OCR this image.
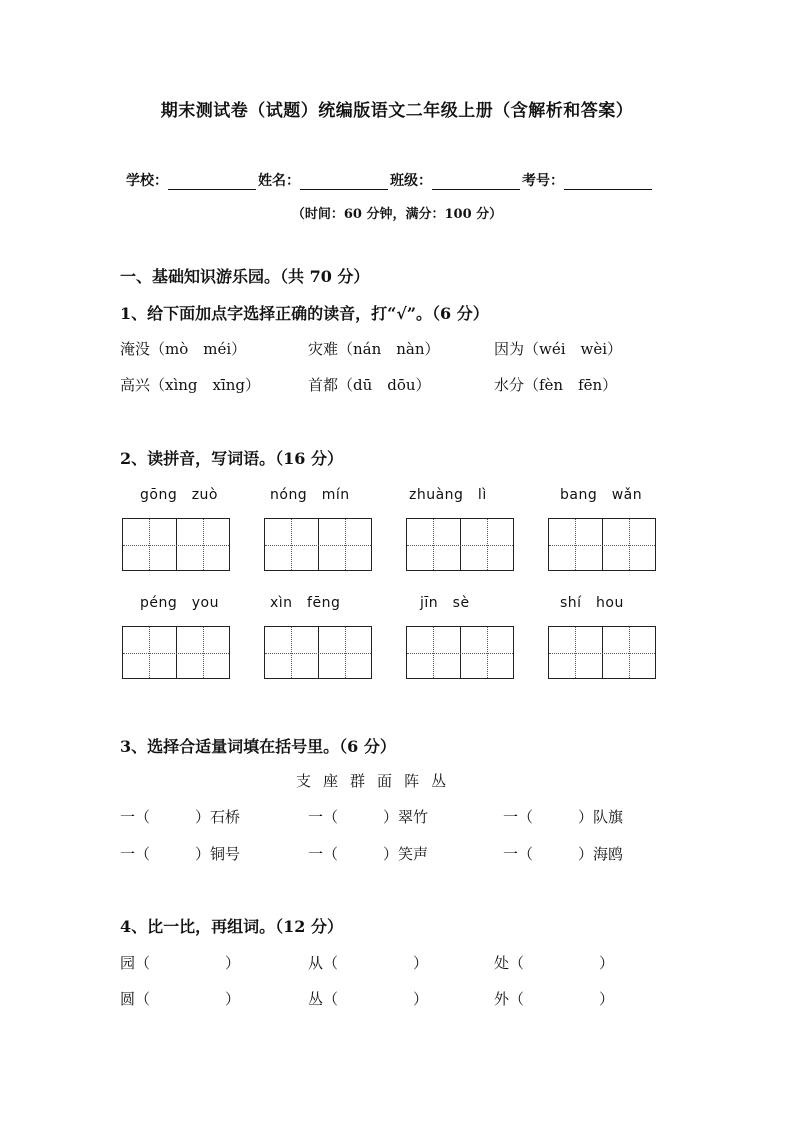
期末测试卷（试题）统编版语文二年级上册（含解析和答案）
学校：	姓名：	班级：	考号：
（时间：60 分钟，满分：100 分）
一、基础知识游乐园。（共 70 分）
1、给下面加点字选择正确的读音，打“√”。（6 分）
淹没（mò　méi）	灾难（nán　nàn）	因为（wéi　wèi）
高兴（xìng　xīng）	首都（dū　dōu）	水分（fèn　fēn）
2、读拼音，写词语。（16 分）
gōng　zuò	nóng　mín	zhuàng　lì	bang　wǎn
péng　you	xìn　fēng	jīn　sè	shí　hou
3、选择合适量词填在括号里。（6 分）
支 座 群 面 阵 丛
一（　　　）石桥	一（　　　）翠竹	一（　　　）队旗
一（　　　）铜号	一（　　　）笑声	一（　　　）海鸥
4、比一比，再组词。（12 分）
园（　　　　　）	从（　　　　　）	处（　　　　　）
圆（　　　　　）	丛（　　　　　）	外（　　　　　）
